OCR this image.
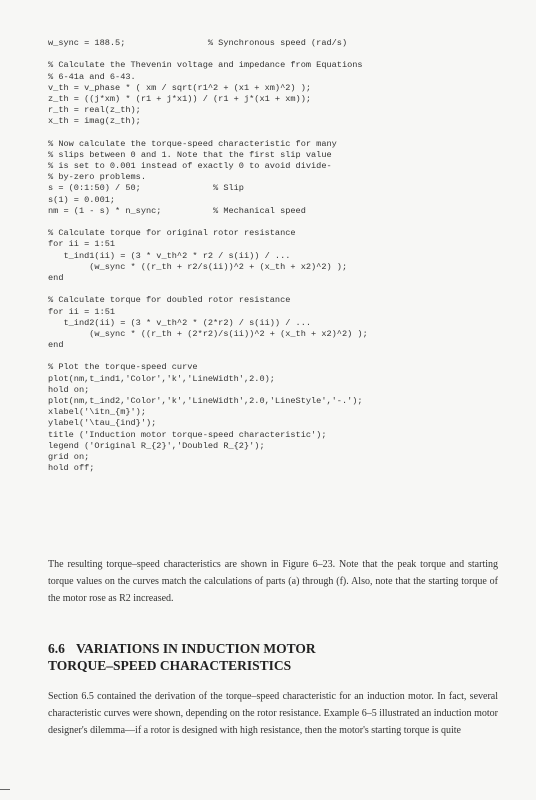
w_sync = 188.5;                % Synchronous speed (rad/s)
% Calculate the Thevenin voltage and impedance from Equations
% 6-41a and 6-43.
v_th = v_phase * ( xm / sqrt(r1^2 + (x1 + xm)^2) );
z_th = ((j*xm) * (r1 + j*x1)) / (r1 + j*(x1 + xm));
r_th = real(z_th);
x_th = imag(z_th);
% Now calculate the torque-speed characteristic for many
% slips between 0 and 1. Note that the first slip value
% is set to 0.001 instead of exactly 0 to avoid divide-
% by-zero problems.
s = (0:1:50) / 50;              % Slip
s(1) = 0.001;
nm = (1 - s) * n_sync;          % Mechanical speed
% Calculate torque for original rotor resistance
for ii = 1:51
t_ind1(ii) = (3 * v_th^2 * r2 / s(ii)) / ...
(w_sync * ((r_th + r2/s(ii))^2 + (x_th + x2)^2) );
end
% Calculate torque for doubled rotor resistance
for ii = 1:51
t_ind2(ii) = (3 * v_th^2 * (2*r2) / s(ii)) / ...
(w_sync * ((r_th + (2*r2)/s(ii))^2 + (x_th + x2)^2) );
end
% Plot the torque-speed curve
plot(nm,t_ind1,'Color','k','LineWidth',2.0);
hold on;
plot(nm,t_ind2,'Color','k','LineWidth',2.0,'LineStyle','-.');
xlabel('\itn_{m}');
ylabel('\tau_{ind}');
title ('Induction motor torque-speed characteristic');
legend ('Original R_{2}','Doubled R_{2}');
grid on;
hold off;

The resulting torque–speed characteristics are shown in Figure 6–23. Note that the peak torque and starting torque values on the curves match the calculations of parts (a) through (f). Also, note that the starting torque of the motor rose as R2 increased.

6.6 VARIATIONS IN INDUCTION MOTOR
TORQUE–SPEED CHARACTERISTICS

Section 6.5 contained the derivation of the torque–speed characteristic for an induction motor. In fact, several characteristic curves were shown, depending on the rotor resistance. Example 6–5 illustrated an induction motor designer's dilemma—if a rotor is designed with high resistance, then the motor's starting torque is quite
